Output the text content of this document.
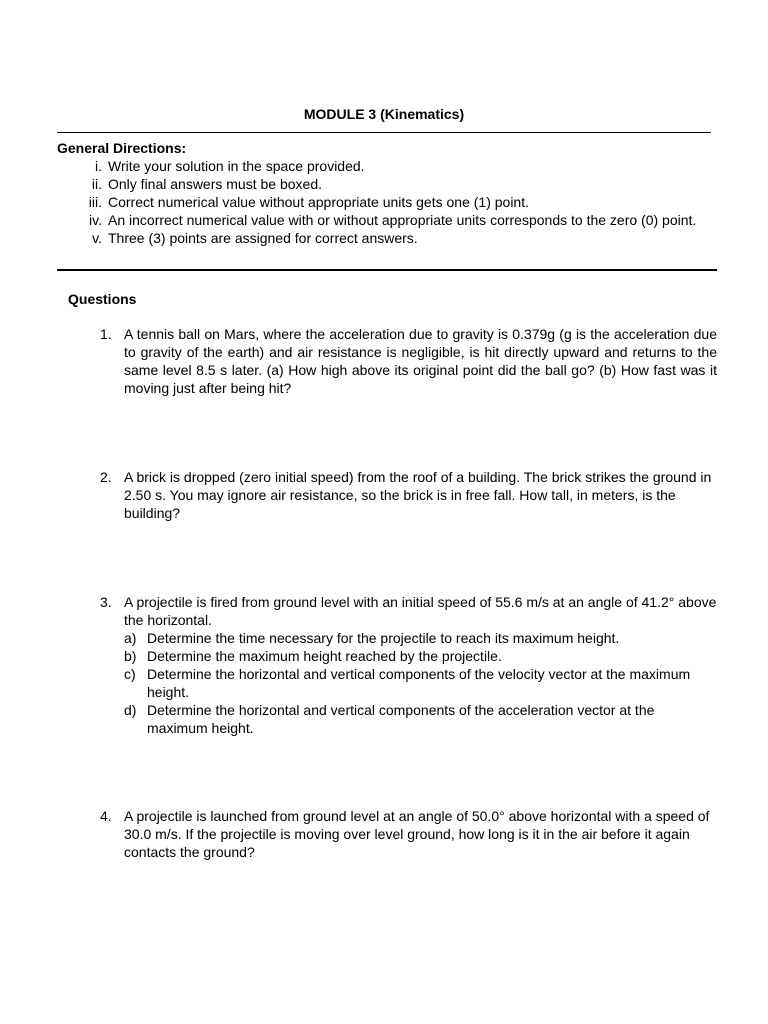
MODULE 3 (Kinematics)
General Directions:
i. Write your solution in the space provided.
ii. Only final answers must be boxed.
iii. Correct numerical value without appropriate units gets one (1) point.
iv. An incorrect numerical value with or without appropriate units corresponds to the zero (0) point.
v. Three (3) points are assigned for correct answers.
Questions
1. A tennis ball on Mars, where the acceleration due to gravity is 0.379g (g is the acceleration due to gravity of the earth) and air resistance is negligible, is hit directly upward and returns to the same level 8.5 s later. (a) How high above its original point did the ball go? (b) How fast was it moving just after being hit?
2. A brick is dropped (zero initial speed) from the roof of a building. The brick strikes the ground in 2.50 s. You may ignore air resistance, so the brick is in free fall. How tall, in meters, is the building?
3. A projectile is fired from ground level with an initial speed of 55.6 m/s at an angle of 41.2° above the horizontal.
a) Determine the time necessary for the projectile to reach its maximum height.
b) Determine the maximum height reached by the projectile.
c) Determine the horizontal and vertical components of the velocity vector at the maximum height.
d) Determine the horizontal and vertical components of the acceleration vector at the maximum height.
4. A projectile is launched from ground level at an angle of 50.0° above horizontal with a speed of 30.0 m/s. If the projectile is moving over level ground, how long is it in the air before it again contacts the ground?
